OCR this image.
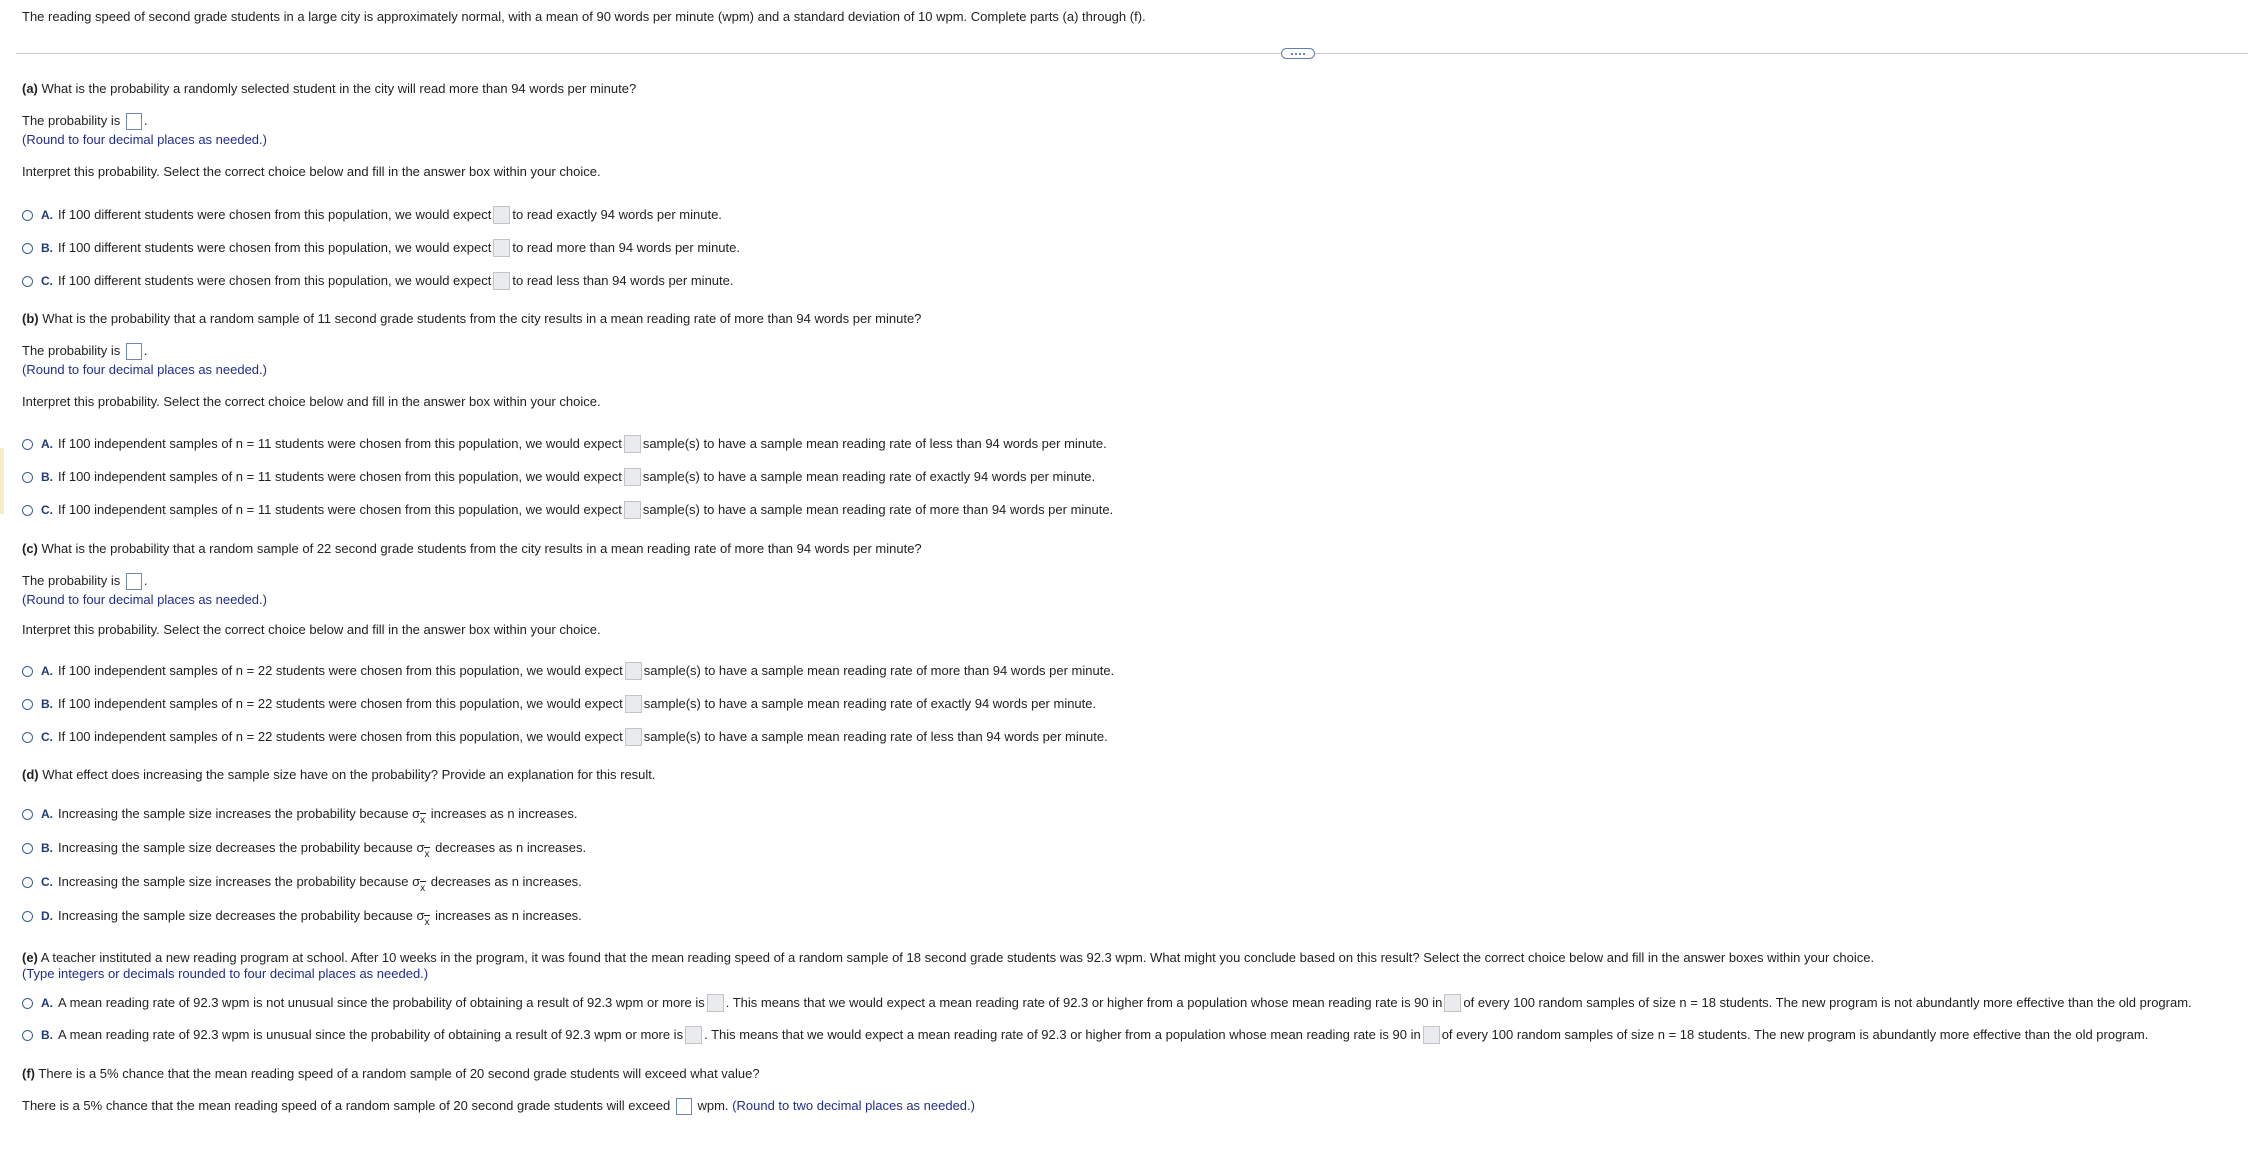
The reading speed of second grade students in a large city is approximately normal, with a mean of 90 words per minute (wpm) and a standard deviation of 10 wpm. Complete parts (a) through (f).
(a) What is the probability a randomly selected student in the city will read more than 94 words per minute?
The probability is .
(Round to four decimal places as needed.)
Interpret this probability. Select the correct choice below and fill in the answer box within your choice.
A. If 100 different students were chosen from this population, we would expect to read exactly 94 words per minute.
B. If 100 different students were chosen from this population, we would expect to read more than 94 words per minute.
C. If 100 different students were chosen from this population, we would expect to read less than 94 words per minute.
(b) What is the probability that a random sample of 11 second grade students from the city results in a mean reading rate of more than 94 words per minute?
The probability is .
(Round to four decimal places as needed.)
Interpret this probability. Select the correct choice below and fill in the answer box within your choice.
A. If 100 independent samples of n = 11 students were chosen from this population, we would expect sample(s) to have a sample mean reading rate of less than 94 words per minute.
B. If 100 independent samples of n = 11 students were chosen from this population, we would expect sample(s) to have a sample mean reading rate of exactly 94 words per minute.
C. If 100 independent samples of n = 11 students were chosen from this population, we would expect sample(s) to have a sample mean reading rate of more than 94 words per minute.
(c) What is the probability that a random sample of 22 second grade students from the city results in a mean reading rate of more than 94 words per minute?
The probability is .
(Round to four decimal places as needed.)
Interpret this probability. Select the correct choice below and fill in the answer box within your choice.
A. If 100 independent samples of n = 22 students were chosen from this population, we would expect sample(s) to have a sample mean reading rate of more than 94 words per minute.
B. If 100 independent samples of n = 22 students were chosen from this population, we would expect sample(s) to have a sample mean reading rate of exactly 94 words per minute.
C. If 100 independent samples of n = 22 students were chosen from this population, we would expect sample(s) to have a sample mean reading rate of less than 94 words per minute.
(d) What effect does increasing the sample size have on the probability? Provide an explanation for this result.
A. Increasing the sample size increases the probability because
σ x
increases as n increases.
B. Increasing the sample size decreases the probability because
σ x
decreases as n increases.
C. Increasing the sample size increases the probability because
σ x
decreases as n increases.
D. Increasing the sample size decreases the probability because
σ x
increases as n increases.
(e) A teacher instituted a new reading program at school. After 10 weeks in the program, it was found that the mean reading speed of a random sample of 18 second grade students was 92.3 wpm. What might you conclude based on this result? Select the correct choice below and fill in the answer boxes within your choice.
(Type integers or decimals rounded to four decimal places as needed.)
A. A mean reading rate of 92.3 wpm is not unusual since the probability of obtaining a result of 92.3 wpm or more is . This means that we would expect a mean reading rate of 92.3 or higher from a population whose mean reading rate is 90 in of every 100 random samples of size n = 18 students. The new program is not abundantly more effective than the old program.
B. A mean reading rate of 92.3 wpm is unusual since the probability of obtaining a result of 92.3 wpm or more is . This means that we would expect a mean reading rate of 92.3 or higher from a population whose mean reading rate is 90 in of every 100 random samples of size n = 18 students. The new program is abundantly more effective than the old program.
(f) There is a 5% chance that the mean reading speed of a random sample of 20 second grade students will exceed what value?
There is a 5% chance that the mean reading speed of a random sample of 20 second grade students will exceed wpm. (Round to two decimal places as needed.)
